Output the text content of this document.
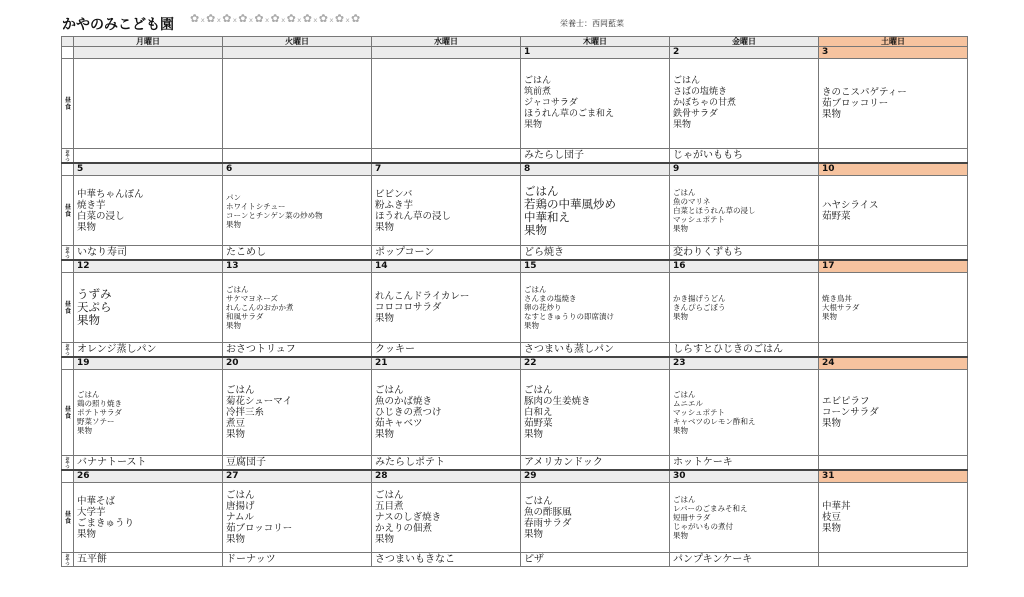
かやのみこども園 ✿ₓ✿ₓ✿ₓ✿ₓ✿ₓ✿ₓ✿ₓ✿ₓ✿ₓ✿ₓ✿	栄養士：西岡藍菜
	月曜日	火曜日	水曜日	木曜日	金曜日	土曜日
				1	2	3
昼食				ごはん
筑前煮
ジャコサラダ
ほうれん草のごま和え
果物	ごはん
さばの塩焼き
かぼちゃの甘煮
鉄骨サラダ
果物	きのこスパゲティー
茹ブロッコリー
果物

おやつ				みたらし団子	じゃがいももち	
	5	6	7	8	9	10
昼食	中華ちゃんぽん
焼き芋
白菜の浸し
果物	パン
ホワイトシチュー
コーンとチンゲン菜の炒め物
果物	ビビンバ
粉ふき芋
ほうれん草の浸し
果物	ごはん
若鶏の中華風炒め
中華和え
果物	ごはん
魚のマリネ
白菜とほうれん草の浸し
マッシュポテト
果物	ハヤシライス
茹野菜

おやつ	いなり寿司	たこめし	ポップコーン	どら焼き	変わりくずもち	
	12	13	14	15	16	17
昼食	うずみ
天ぷら
果物	ごはん
サケマヨネーズ
れんこんのおかか煮
和風サラダ
果物	れんこんドライカレー
コロコロサラダ
果物	ごはん
さんまの塩焼き
卵の花炒り
なすときゅうりの即席漬け
果物	かき揚げうどん
きんぴらごぼう
果物	焼き鳥丼
大根サラダ
果物

おやつ	オレンジ蒸しパン	おさつトリュフ	クッキー	さつまいも蒸しパン	しらすとひじきのごはん	
	19	20	21	22	23	24
昼食	ごはん
鶏の照り焼き
ポテトサラダ
野菜ソテー
果物	ごはん
菊花シューマイ
冷拌三糸
煮豆
果物	ごはん
魚のかば焼き
ひじきの煮つけ
茹キャベツ
果物	ごはん
豚肉の生姜焼き
白和え
茹野菜
果物	ごはん
ムニエル
マッシュポテト
キャベツのレモン酢和え
果物	エビピラフ
コーンサラダ
果物

おやつ	バナナトースト	豆腐団子	みたらしポテト	アメリカンドック	ホットケーキ	
	26	27	28	29	30	31
昼食	中華そば
大学芋
ごまきゅうり
果物	ごはん
唐揚げ
ナムル
茹ブロッコリー
果物	ごはん
五目煮
ナスのしぎ焼き
かえりの佃煮
果物	ごはん
魚の酢豚風
春雨サラダ
果物	ごはん
レバーのごまみそ和え
短冊サラダ
じゃがいもの煮付
果物	中華丼
枝豆
果物

おやつ	五平餅	ドーナッツ	さつまいもきなこ	ピザ	パンプキンケーキ	
